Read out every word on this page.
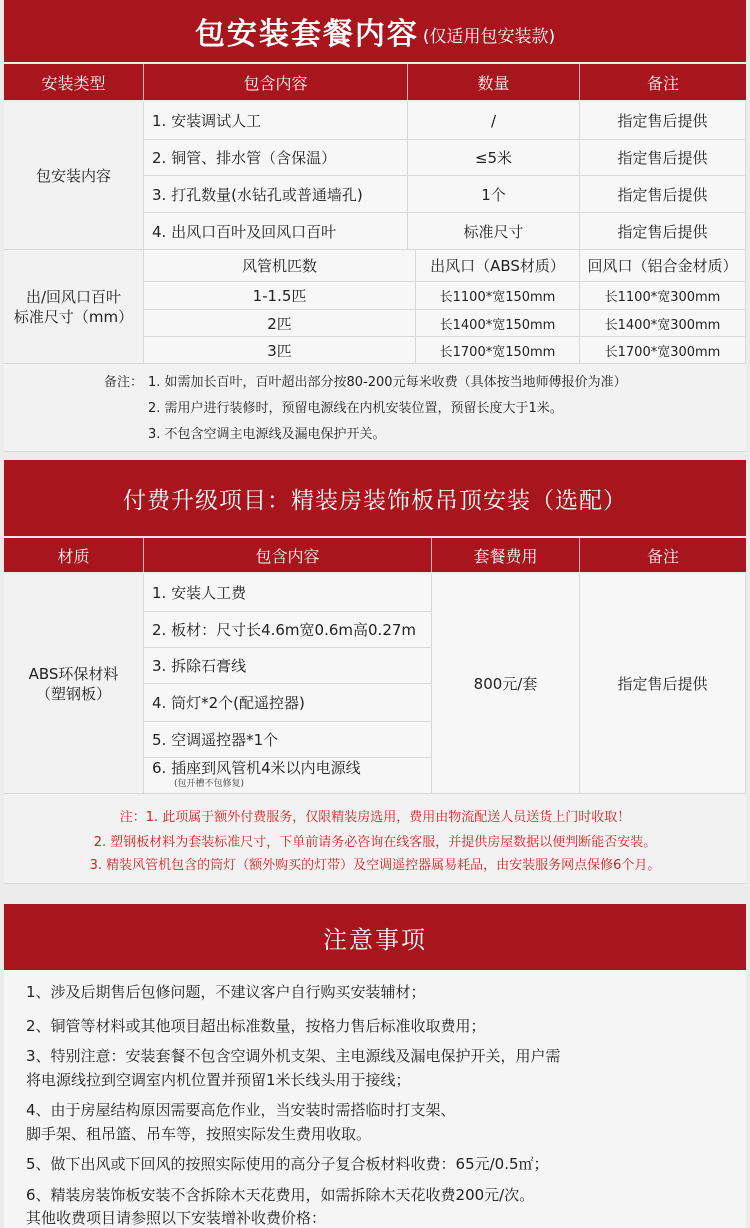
包安装套餐内容 (仅适用包安装款)
安装类型	包含内容	数量	备注
包安装内容
1. 安装调试人工	/	指定售后提供
2. 铜管、排水管（含保温）	≤5米	指定售后提供
3. 打孔数量(水钻孔或普通墙孔)	1个	指定售后提供
4. 出风口百叶及回风口百叶	标准尺寸	指定售后提供
出/回风口百叶
标准尺寸（mm）
风管机匹数	出风口（ABS材质）	回风口（铝合金材质）
1-1.5匹	长1100*宽150mm	长1100*宽300mm
2匹	长1400*宽150mm	长1400*宽300mm
3匹	长1700*宽150mm	长1700*宽300mm
备注： 1. 如需加长百叶，百叶超出部分按80-200元每米收费（具体按当地师傅报价为准）
2. 需用户进行装修时，预留电源线在内机安装位置，预留长度大于1米。
3. 不包含空调主电源线及漏电保护开关。
付费升级项目：精装房装饰板吊顶安装（选配）
材质	包含内容	套餐费用	备注
ABS环保材料
（塑钢板）
1. 安装人工费
2. 板材：尺寸长4.6m宽0.6m高0.27m
3. 拆除石膏线
4. 筒灯*2个(配遥控器)
5. 空调遥控器*1个
6. 插座到风管机4米以内电源线
(包开槽不包修复)
800元/套	指定售后提供
注：1. 此项属于额外付费服务，仅限精装房选用，费用由物流配送人员送货上门时收取！
2. 塑钢板材料为套装标准尺寸，下单前请务必咨询在线客服，并提供房屋数据以便判断能否安装。
3. 精装风管机包含的筒灯（额外购买的灯带）及空调遥控器属易耗品，由安装服务网点保修6个月。
注意事项
1、涉及后期售后包修问题，不建议客户自行购买安装辅材；
2、铜管等材料或其他项目超出标准数量，按格力售后标准收取费用；
3、特别注意：安装套餐不包含空调外机支架、主电源线及漏电保护开关，用户需
将电源线拉到空调室内机位置并预留1米长线头用于接线；
4、由于房屋结构原因需要高危作业，当安装时需搭临时打支架、
脚手架、租吊篮、吊车等，按照实际发生费用收取。
5、做下出风或下回风的按照实际使用的高分子复合板材料收费：65元/0.5㎡；
6、精装房装饰板安装不含拆除木天花费用，如需拆除木天花收费200元/次。
其他收费项目请参照以下安装增补收费价格：
